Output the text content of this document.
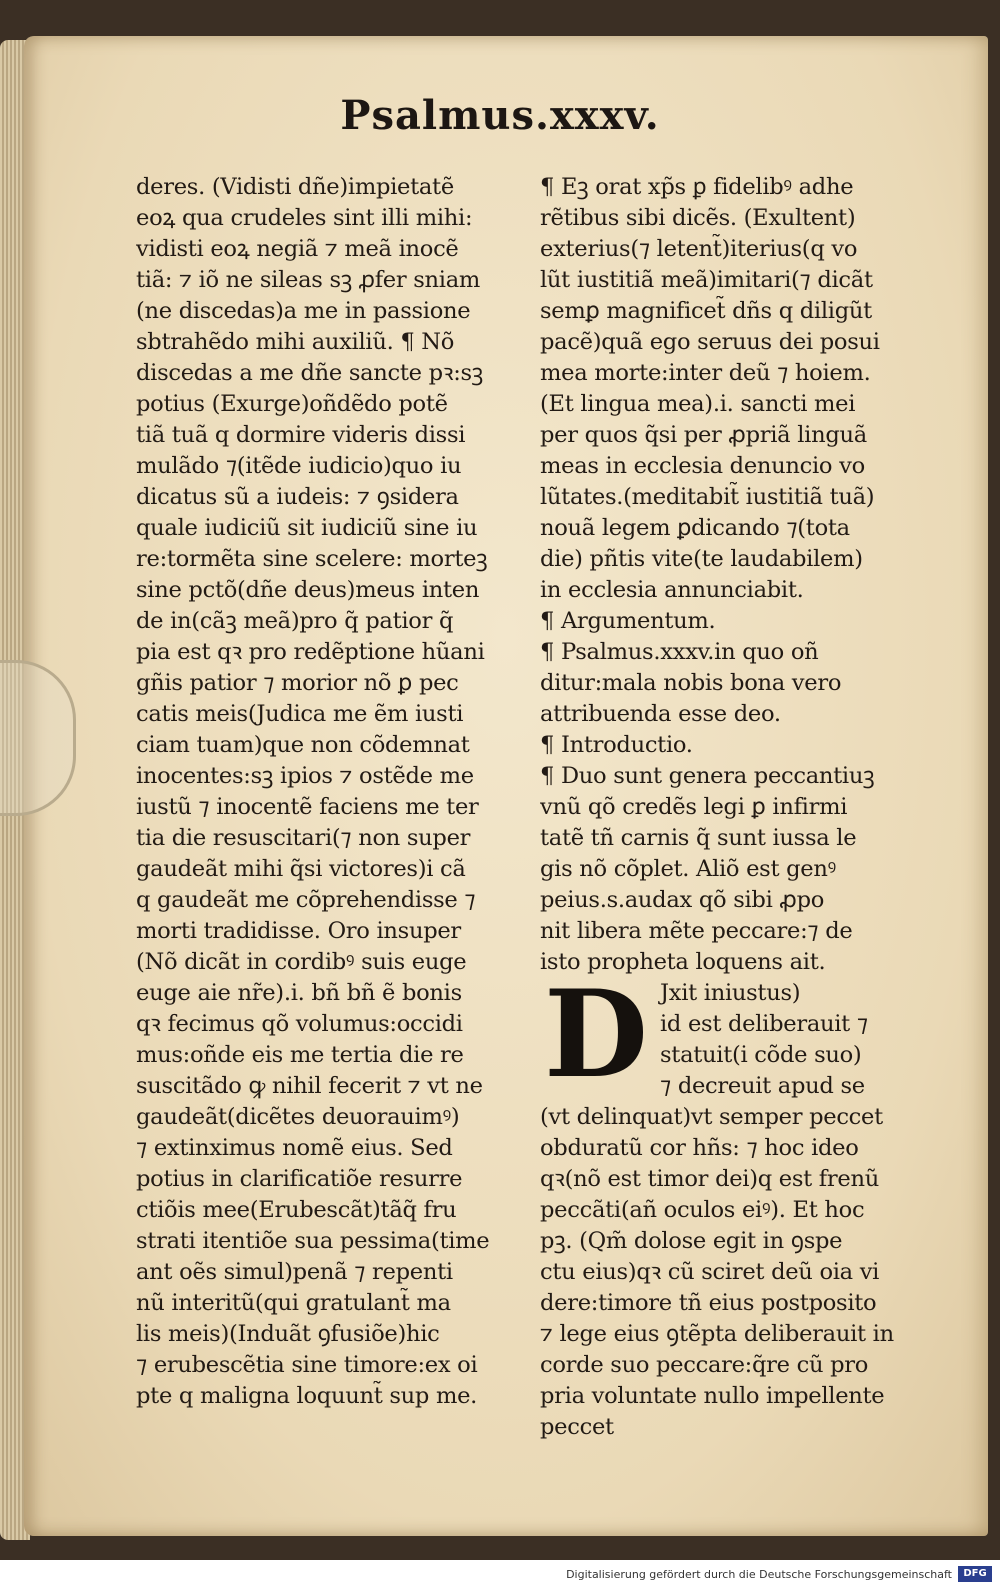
Psalmus.xxxv.
deres. (Vidisti dñe)impietatẽ
eoꝝ qua crudeles sint illi mihi:
vidisti eoꝝ negiã ⁊ meã inocẽ
tiã: ⁊ iõ ne sileas sꝫ ꝓfer sniam
(ne discedas)a me in passione
sbtrahẽdo mihi auxiliũ. ¶ Nõ
discedas a me dñe sancte pꝛ:sꝫ
potius (Exurge)oñdẽdo potẽ
tiã tuã q dormire videris dissi
mulãdo ⁊(itẽde iudicio)quo iu
dicatus sũ a iudeis: ⁊ ꝯsidera
quale iudiciũ sit iudiciũ sine iu
re:tormẽta sine scelere: morteꝫ
sine pctõ(dñe deus)meus inten
de in(cãꝫ meã)pro q̃ patior q̃
pia est qꝛ pro redẽptione hũani
gñis patior ⁊ morior nõ ꝑ pec
catis meis(Judica me ẽm iusti
ciam tuam)que non cõdemnat
inocentes:sꝫ ipios ⁊ ostẽde me
iustũ ⁊ inocentẽ faciens me ter
tia die resuscitari(⁊ non super
gaudeãt mihi q̃si victores)i cã
q gaudeãt me cõprehendisse ⁊
morti tradidisse. Oro insuper
(Nõ dicãt in cordibꝰ suis euge
euge aie nr̃e).i. bñ bñ ẽ bonis
qꝛ fecimus qõ volumus:occidi
mus:oñde eis me tertia die re
suscitãdo ꝙ nihil fecerit ⁊ vt ne
gaudeãt(dicẽtes deuorauimꝰ)
⁊ extinximus nomẽ eius. Sed
potius in clarificatiõe resurre
ctiõis mee(Erubescãt)tãq̃ fru
strati itentiõe sua pessima(time
ant oẽs simul)penã ⁊ repenti
nũ interitũ(qui gratulant̃ ma
lis meis)(Induãt ꝯfusiõe)hic
⁊ erubescẽtia sine timore:ex oi
pte q maligna loquunt̃ sup me.
¶ Eꝫ orat xp̃s ꝑ fidelibꝰ adhe
rẽtibus sibi dicẽs. (Exultent)
exterius(⁊ letent̃)iterius(q vo
lũt iustitiã meã)imitari(⁊ dicãt
semꝑ magnificet̃ dñs q diligũt
pacẽ)quã ego seruus dei posui
mea morte:inter deũ ⁊ hoiem.
(Et lingua mea).i. sancti mei
per quos q̃si per ꝓpriã linguã
meas in ecclesia denuncio vo
lũtates.(meditabit̃ iustitiã tuã)
nouã legem ꝑdicando ⁊(tota
die) pñtis vite(te laudabilem)
in ecclesia annunciabit.
¶ Argumentum.
¶ Psalmus.xxxv.in quo oñ
ditur:mala nobis bona vero
attribuenda esse deo.
¶ Introductio.
¶ Duo sunt genera peccantiuꝫ
vnũ qõ credẽs legi ꝑ infirmi
tatẽ tñ carnis q̃ sunt iussa le
gis nõ cõplet. Aliõ est genꝰ
peius.s.audax qõ sibi ꝓpo
nit libera mẽte peccare:⁊ de
isto propheta loquens ait.
Jxit iniustus)
id est deliberauit ⁊
statuit(i cõde suo)
⁊ decreuit apud se
(vt delinquat)vt semper peccet
obduratũ cor hñs: ⁊ hoc ideo
qꝛ(nõ est timor dei)q est frenũ
peccãti(añ oculos eiꝰ). Et hoc
pꝫ. (Qm̃ dolose egit in ꝯspe
ctu eius)qꝛ cũ sciret deũ oia vi
dere:timore tñ eius postposito
⁊ lege eius ꝯtẽpta deliberauit in
corde suo peccare:q̃re cũ pro
pria voluntate nullo impellente
peccet
D
Digitalisierung gefördert durch die Deutsche Forschungsgemeinschaft	DFG
